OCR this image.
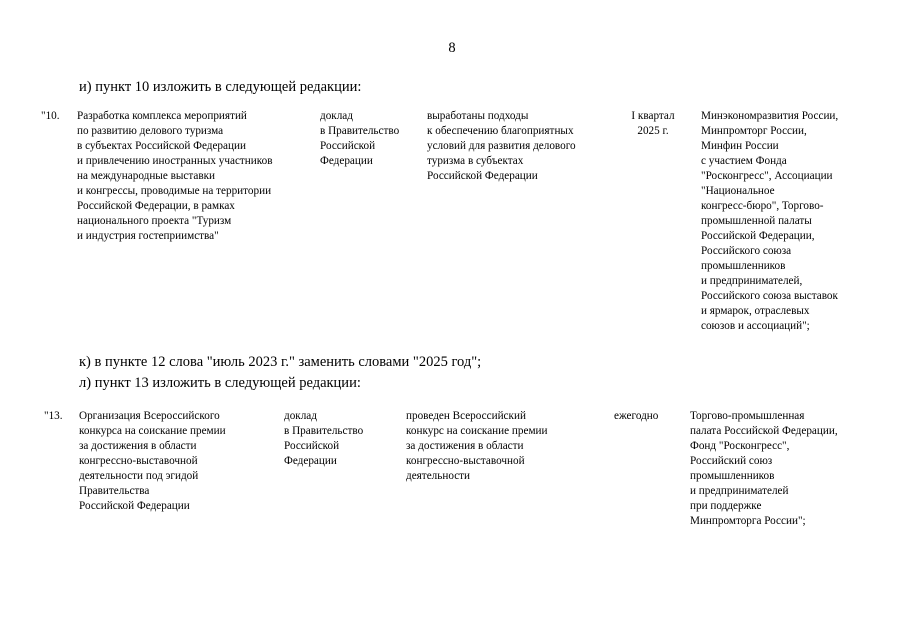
8
и) пункт 10 изложить в следующей редакции:
"10. Разработка комплекса мероприятий
по развитию делового туризма
в субъектах Российской Федерации
и привлечению иностранных участников
на международные выставки
и конгрессы, проводимые на территории
Российской Федерации, в рамках
национального проекта "Туризм
и индустрия гостеприимства"
доклад
в Правительство
Российской
Федерации
выработаны подходы
к обеспечению благоприятных
условий для развития делового
туризма в субъектах
Российской Федерации
I квартал
2025 г.
Минэкономразвития России,
Минпромторг России,
Минфин России
с участием Фонда
"Росконгресс", Ассоциации
"Национальное
конгресс-бюро", Торгово-
промышленной палаты
Российской Федерации,
Российского союза
промышленников
и предпринимателей,
Российского союза выставок
и ярмарок, отраслевых
союзов и ассоциаций";
к) в пункте 12 слова "июль 2023 г." заменить словами "2025 год";
л) пункт 13 изложить в следующей редакции:
"13. Организация Всероссийского
конкурса на соискание премии
за достижения в области
конгрессно-выставочной
деятельности под эгидой
Правительства
Российской Федерации
доклад
в Правительство
Российской
Федерации
проведен Всероссийский
конкурс на соискание премии
за достижения в области
конгрессно-выставочной
деятельности
ежегодно	Торгово-промышленная
палата Российской Федерации,
Фонд "Росконгресс",
Российский союз
промышленников
и предпринимателей
при поддержке
Минпромторга России";
